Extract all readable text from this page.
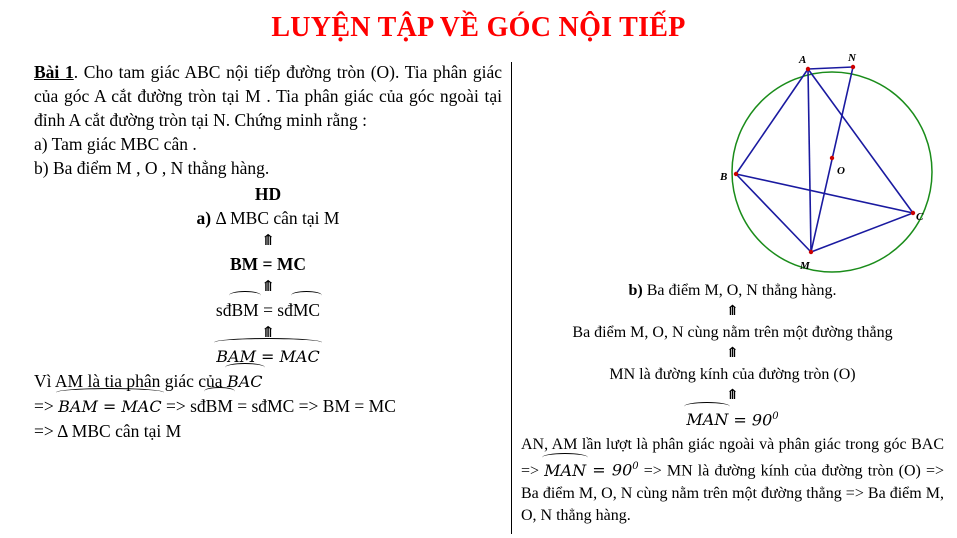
LUYỆN TẬP VỀ GÓC NỘI TIẾP
Bài 1. Cho tam giác ABC nội tiếp đường tròn (O). Tia phân giác của góc A cắt đường tròn tại M . Tia phân giác của góc ngoài tại đỉnh A cắt đường tròn tại N. Chứng minh rằng :
a) Tam giác MBC cân .
b) Ba điểm M , O , N thẳng hàng.
HD
a) Δ MBC cân tại M
⤊
BM = MC
⤊
sđBM = sđMC
⤊
BAM = MAC
Vì AM là tia phân giác của BAC
=> BAM = MAC => sđBM = sđMC => BM = MC
=> Δ MBC cân tại M
A	N
B
C
M
O
b) Ba điểm M, O, N thẳng hàng.
⤊
Ba điểm M, O, N cùng nằm trên một đường thẳng
⤊
MN là đường kính của đường tròn (O)
⤊
MAN = $90^0$
AN, AM lần lượt là phân giác ngoài và phân giác trong góc BAC => MAN = $90^0$ => MN là đường kính của đường tròn (O) => Ba điểm M, O, N cùng nằm trên một đường thẳng => Ba điểm M, O, N thẳng hàng.
